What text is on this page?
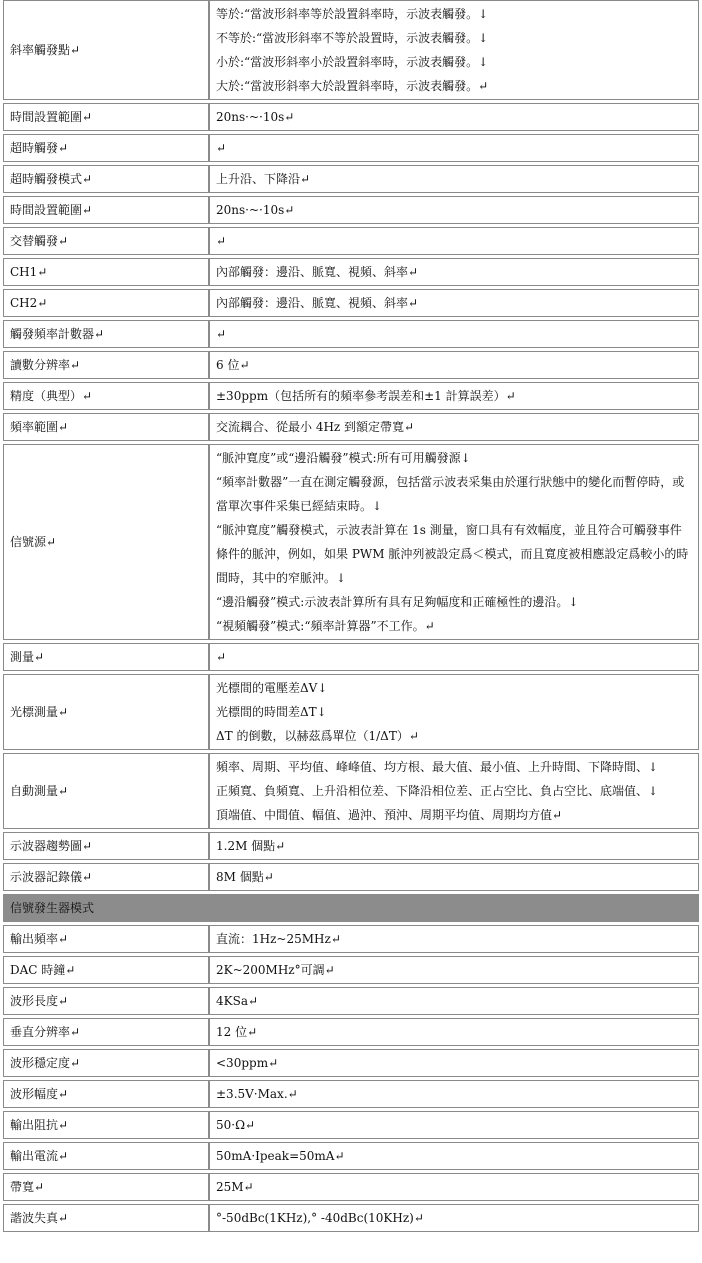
斜率觸發點↵	等於:“當波形斜率等於設置斜率時，示波表觸發。↓
不等於:“當波形斜率不等於設置時，示波表觸發。↓
小於:“當波形斜率小於設置斜率時，示波表觸發。↓
大於:“當波形斜率大於設置斜率時，示波表觸發。↵

時間設置範圍↵	20ns·~·10s↵

超時觸發↵	↵

超時觸發模式↵	上升沿、下降沿↵

時間設置範圍↵	20ns·~·10s↵

交替觸發↵	↵

CH1↵	內部觸發：邊沿、脈寬、視頻、斜率↵

CH2↵	內部觸發：邊沿、脈寬、視頻、斜率↵

觸發頻率計數器↵	↵

讀數分辨率↵	6 位↵

精度（典型）↵	±30ppm（包括所有的頻率參考誤差和±1 計算誤差）↵

頻率範圍↵	交流耦合、從最小 4Hz 到額定帶寬↵

信號源↵	“脈沖寬度”或“邊沿觸發”模式:所有可用觸發源↓
“頻率計數器”一直在測定觸發源，包括當示波表采集由於運行狀態中的變化而暫停時，或當單次事件采集已經結束時。↓
“脈沖寬度”觸發模式，示波表計算在 1s 測量，窗口具有有效幅度，並且符合可觸發事件條件的脈沖，例如，如果 PWM 脈沖列被設定爲＜模式，而且寬度被相應設定爲較小的時間時，其中的窄脈沖。↓
“邊沿觸發”模式:示波表計算所有具有足夠幅度和正確極性的邊沿。↓
“視頻觸發”模式:“頻率計算器”不工作。↵

測量↵	↵

光標測量↵	光標間的電壓差ΔV↓
光標間的時間差ΔT↓
ΔT 的倒數，以赫茲爲單位（1/ΔT）↵

自動測量↵	頻率、周期、平均值、峰峰值、均方根、最大值、最小值、上升時間、下降時間、↓
正頻寬、負頻寬、上升沿相位差、下降沿相位差、正占空比、負占空比、底端值、↓
頂端值、中間值、幅值、過沖、預沖、周期平均值、周期均方值↵

示波器趨勢圖↵	1.2M 個點↵

示波器記錄儀↵	8M 個點↵

信號發生器模式	
輸出頻率↵	直流：1Hz~25MHz↵

DAC 時鐘↵	2K~200MHz°可調↵

波形長度↵	4KSa↵

垂直分辨率↵	12 位↵

波形穩定度↵	<30ppm↵

波形幅度↵	±3.5V·Max.↵

輸出阻抗↵	50·Ω↵

輸出電流↵	50mA·Ipeak=50mA↵

帶寬↵	25M↵

諧波失真↵	°-50dBc(1KHz),° -40dBc(10KHz)↵
